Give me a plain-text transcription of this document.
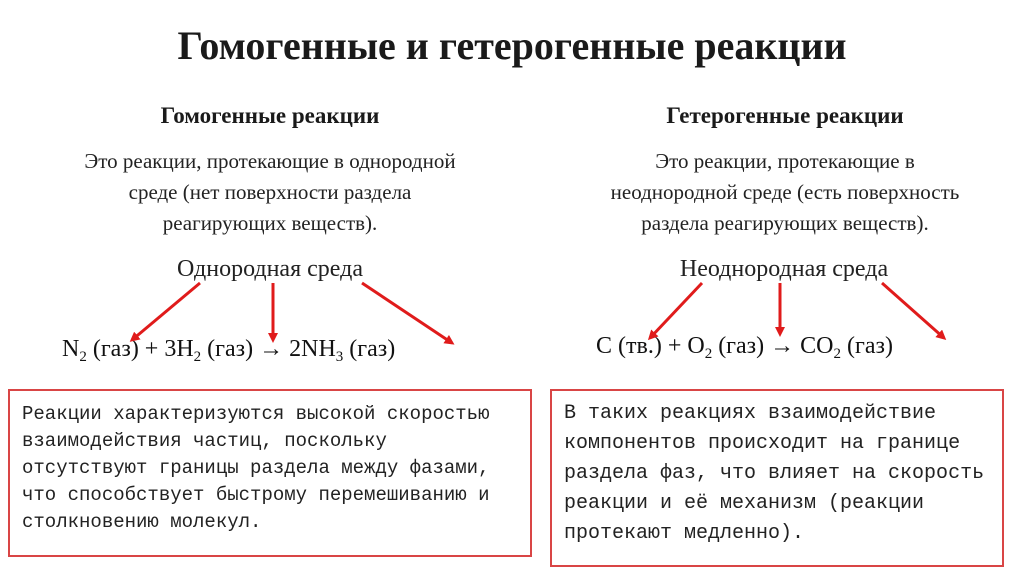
Гомогенные и гетерогенные реакции
Гомогенные реакции
Это реакции, протекающие в однородной
среде (нет поверхности раздела
реагирующих веществ).
Однородная среда
$N_2$ $(газ) + 3H_2$ $(газ) \to 2NH_3$ (газ)
Реакции характеризуются высокой скоростью
взаимодействия частиц, поскольку
отсутствуют границы раздела между фазами,
что способствует быстрому перемешиванию и
столкновению молекул.
Гетерогенные реакции
Это реакции, протекающие в
неоднородной среде (есть поверхность
раздела реагирующих веществ).
Неоднородная среда
C $(тв.) + O_2$ $(газ) \to CO_2$ (газ)
В таких реакциях взаимодействие
компонентов происходит на границе
раздела фаз, что влияет на скорость
реакции и её механизм (реакции
протекают медленно).
